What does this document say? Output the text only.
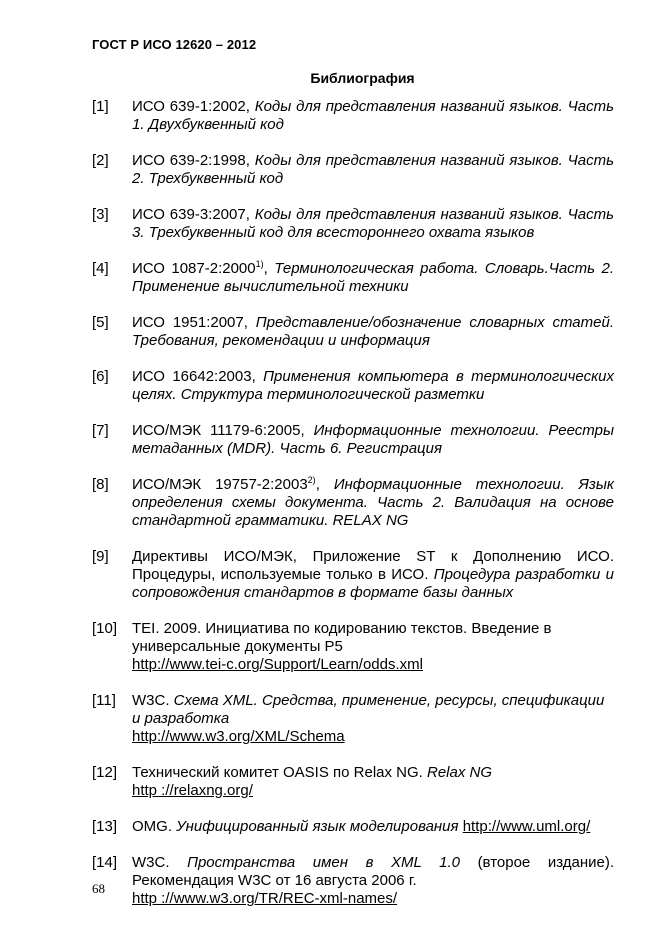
ГОСТ Р ИСО 12620 – 2012
Библиография
[1] ИСО 639-1:2002, Коды для представления названий языков. Часть 1. Двухбуквенный код
[2] ИСО 639-2:1998, Коды для представления названий языков. Часть 2. Трехбуквенный код
[3] ИСО 639-3:2007, Коды для представления названий языков. Часть 3. Трехбуквенный код для всестороннего охвата языков
[4] ИСО 1087-2:2000$^{1)}$, Терминологическая работа. Словарь.Часть 2. Применение вычислительной техники
[5] ИСО 1951:2007, Представление/обозначение словарных статей. Требования, рекомендации и информация
[6] ИСО 16642:2003, Применения компьютера в терминологических целях. Структура терминологической разметки
[7] ИСО/МЭК 11179-6:2005, Информационные технологии. Реестры метаданных (MDR). Часть 6. Регистрация
[8] ИСО/МЭК 19757-2:2003$^{2)}$, Информационные технологии. Язык определения схемы документа. Часть 2. Валидация на основе стандартной грамматики. RELAX NG
[9] Директивы ИСО/МЭК, Приложение ST к Дополнению ИСО. Процедуры, используемые только в ИСО. Процедура разработки и сопровождения стандартов в формате базы данных
[10] TEI. 2009. Инициатива по кодированию текстов. Введение в универсальные документы P5
http://www.tei-c.org/Support/Learn/odds.xml
[11] W3C. Схема XML. Средства, применение, ресурсы, спецификации и разработка
http://www.w3.org/XML/Schema
[12] Технический комитет OASIS по Relax NG. Relax NG
http ://relaxng.org/
[13] OMG. Унифицированный язык моделирования http://www.uml.org/
[14] W3C. Пространства имен в XML 1.0 (второе издание). Рекомендация W3C от 16 августа 2006 г.
http ://www.w3.org/TR/REC-xml-names/
68
